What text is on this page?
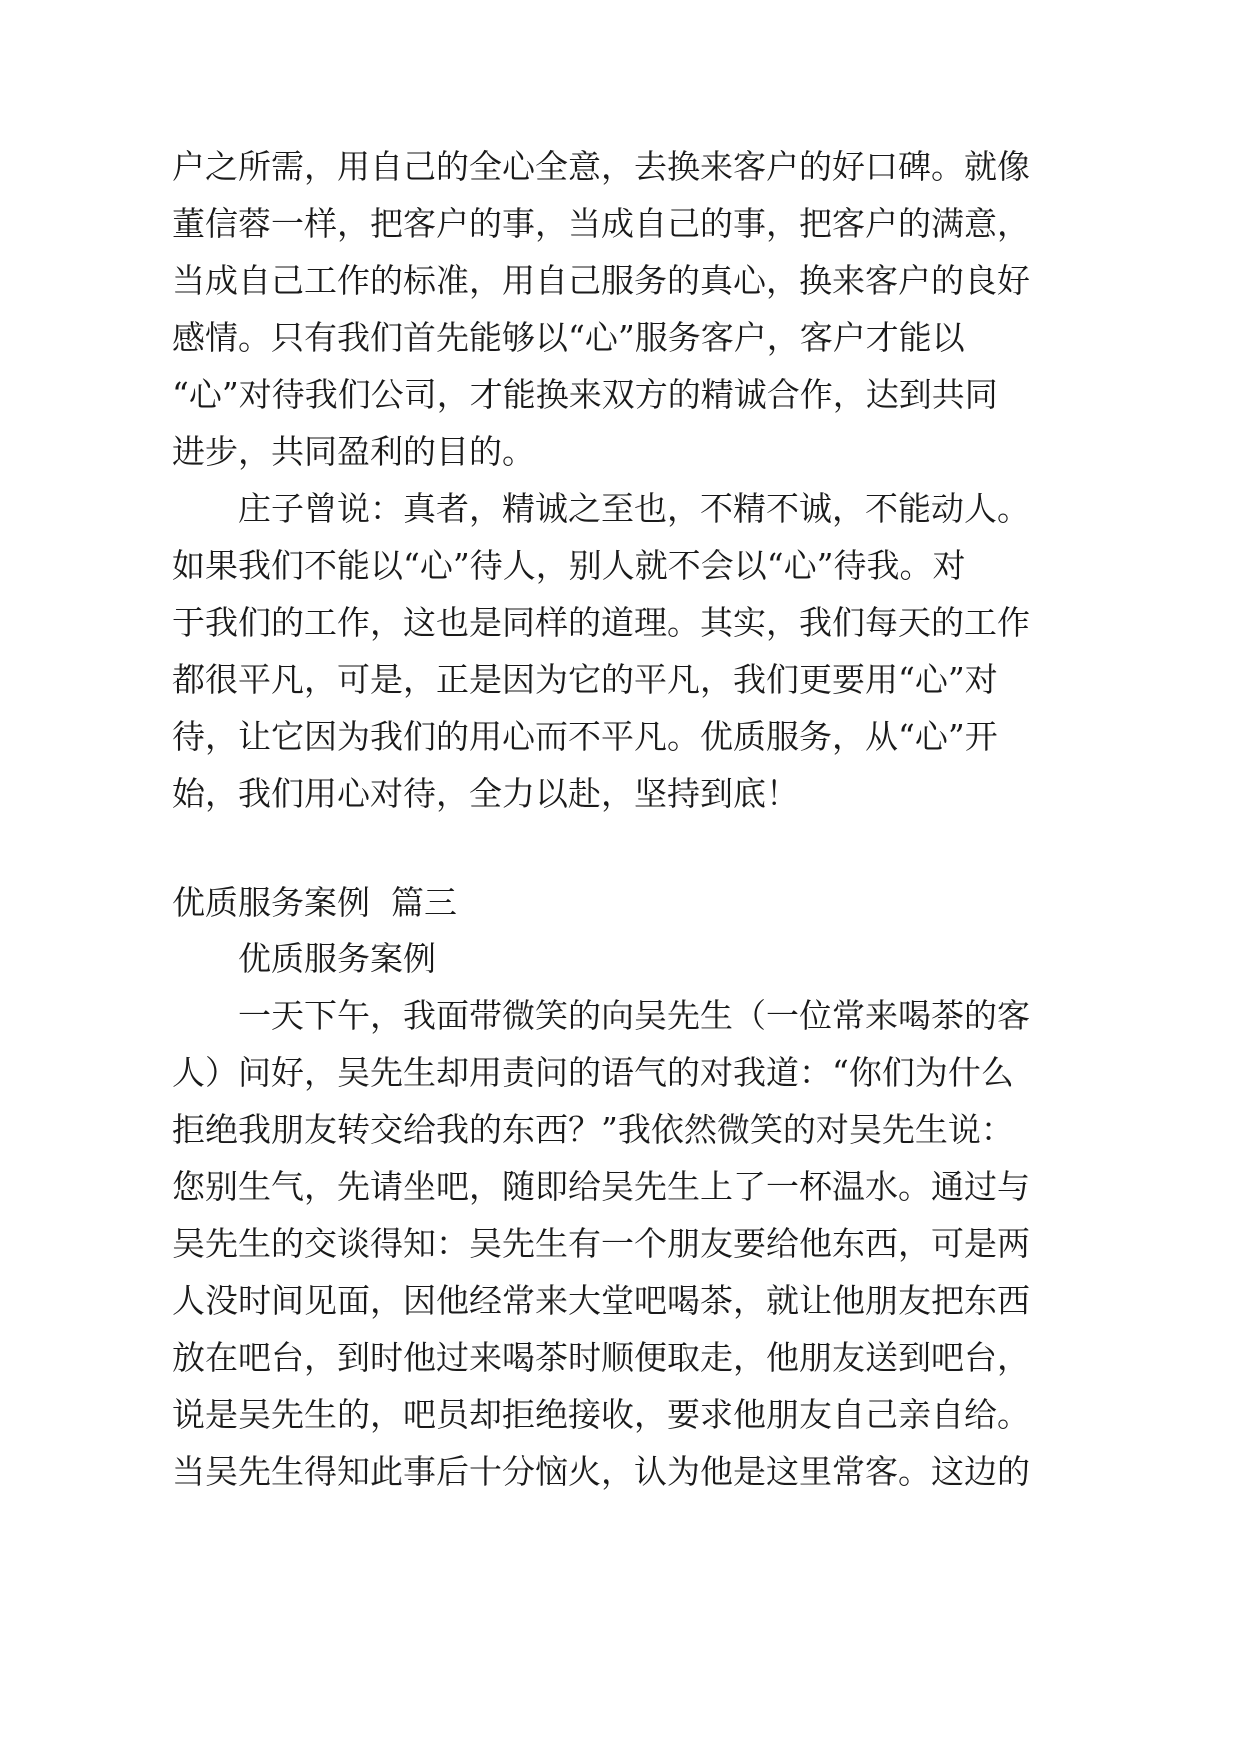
户之所需，用自己的全心全意，去换来客户的好口碑。就像
董信蓉一样，把客户的事，当成自己的事，把客户的满意，
当成自己工作的标准，用自己服务的真心，换来客户的良好
感情。只有我们首先能够以“心”服务客户，客户才能以
“心”对待我们公司，才能换来双方的精诚合作，达到共同
进步，共同盈利的目的。
庄子曾说：真者，精诚之至也，不精不诚，不能动人。
如果我们不能以“心”待人，别人就不会以“心”待我。对
于我们的工作，这也是同样的道理。其实，我们每天的工作
都很平凡，可是，正是因为它的平凡，我们更要用“心”对
待，让它因为我们的用心而不平凡。优质服务，从“心”开
始，我们用心对待，全力以赴，坚持到底！
优质服务案例  篇三
优质服务案例
一天下午，我面带微笑的向吴先生（一位常来喝茶的客
人）问好，吴先生却用责问的语气的对我道：“你们为什么
拒绝我朋友转交给我的东西？”我依然微笑的对吴先生说：
您别生气，先请坐吧，随即给吴先生上了一杯温水。通过与
吴先生的交谈得知：吴先生有一个朋友要给他东西，可是两
人没时间见面，因他经常来大堂吧喝茶，就让他朋友把东西
放在吧台，到时他过来喝茶时顺便取走，他朋友送到吧台，
说是吴先生的，吧员却拒绝接收，要求他朋友自己亲自给。
当吴先生得知此事后十分恼火，认为他是这里常客。这边的
